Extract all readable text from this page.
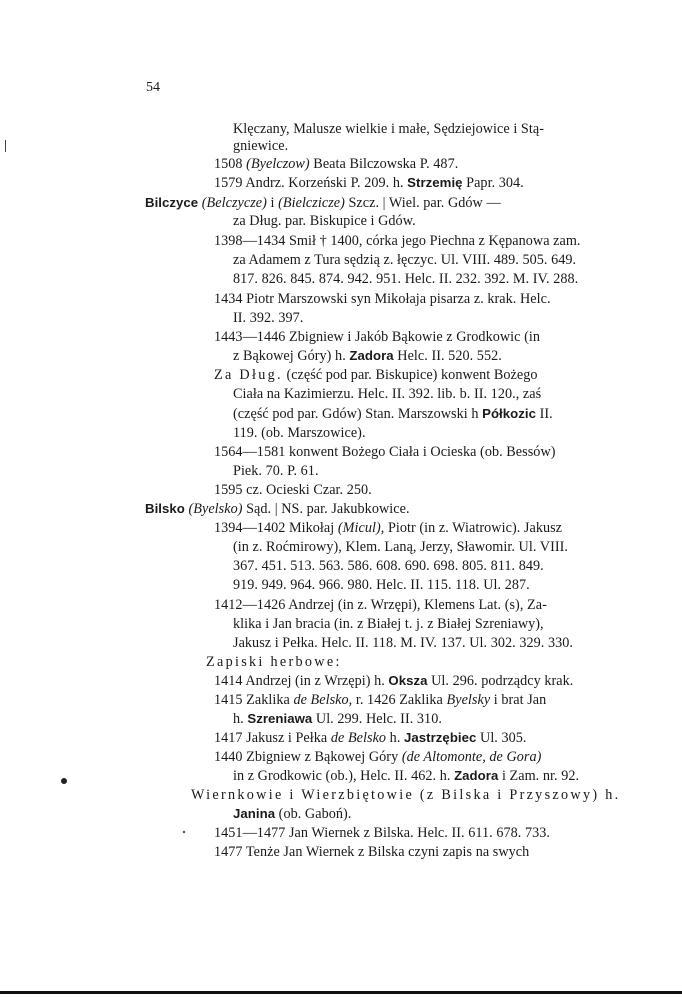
54
Klęczany, Malusze wielkie i małe, Sędziejowice i Stą-
gniewice.
1508 (Byelczow) Beata Bilczowska P. 487.
1579 Andrz. Korzeński P. 209. h. Strzemię Papr. 304.
Bilczyce (Belczycze) i (Bielczicze) Szcz. | Wiel. par. Gdów —
za Dług. par. Biskupice i Gdów.
1398—1434 Smił † 1400, córka jego Piechna z Kępanowa zam.
za Adamem z Tura sędzią z. łęczyc. Ul. VIII. 489. 505. 649.
817. 826. 845. 874. 942. 951. Helc. II. 232. 392. M. IV. 288.
1434 Piotr Marszowski syn Mikołaja pisarza z. krak. Helc.
II. 392. 397.
1443—1446 Zbigniew i Jakób Bąkowie z Grodkowic (in
z Bąkowej Góry) h. Zadora Helc. II. 520. 552.
Za Dług. (część pod par. Biskupice) konwent Bożego
Ciała na Kazimierzu. Helc. II. 392. lib. b. II. 120., zaś
(część pod par. Gdów) Stan. Marszowski h Półkozic II.
119. (ob. Marszowice).
1564—1581 konwent Bożego Ciała i Ocieska (ob. Bessów)
Piek. 70. P. 61.
1595 cz. Ocieski Czar. 250.
Bilsko (Byelsko) Sąd. | NS. par. Jakubkowice.
1394—1402 Mikołaj (Micul), Piotr (in z. Wiatrowic). Jakusz
(in z. Roćmirowy), Klem. Laną, Jerzy, Sławomir. Ul. VIII.
367. 451. 513. 563. 586. 608. 690. 698. 805. 811. 849.
919. 949. 964. 966. 980. Helc. II. 115. 118. Ul. 287.
1412—1426 Andrzej (in z. Wrzępi), Klemens Lat. (s), Za-
klika i Jan bracia (in. z Białej t. j. z Białej Szreniawy),
Jakusz i Pełka. Helc. II. 118. M. IV. 137. Ul. 302. 329. 330.
Zapiski herbowe:
1414 Andrzej (in z Wrzępi) h. Oksza Ul. 296. podrządcy krak.
1415 Zaklika de Belsko, r. 1426 Zaklika Byelsky i brat Jan
h. Szreniawa Ul. 299. Helc. II. 310.
1417 Jakusz i Pełka de Belsko h. Jastrzębiec Ul. 305.
1440 Zbigniew z Bąkowej Góry (de Altomonte, de Gora)
in z Grodkowic (ob.), Helc. II. 462. h. Zadora i Zam. nr. 92.
Wiernkowie i Wierzbiętowie (z Bilska i Przyszowy) h.
Janina (ob. Gaboń).
1451—1477 Jan Wiernek z Bilska. Helc. II. 611. 678. 733.
1477 Tenże Jan Wiernek z Bilska czyni zapis na swych
